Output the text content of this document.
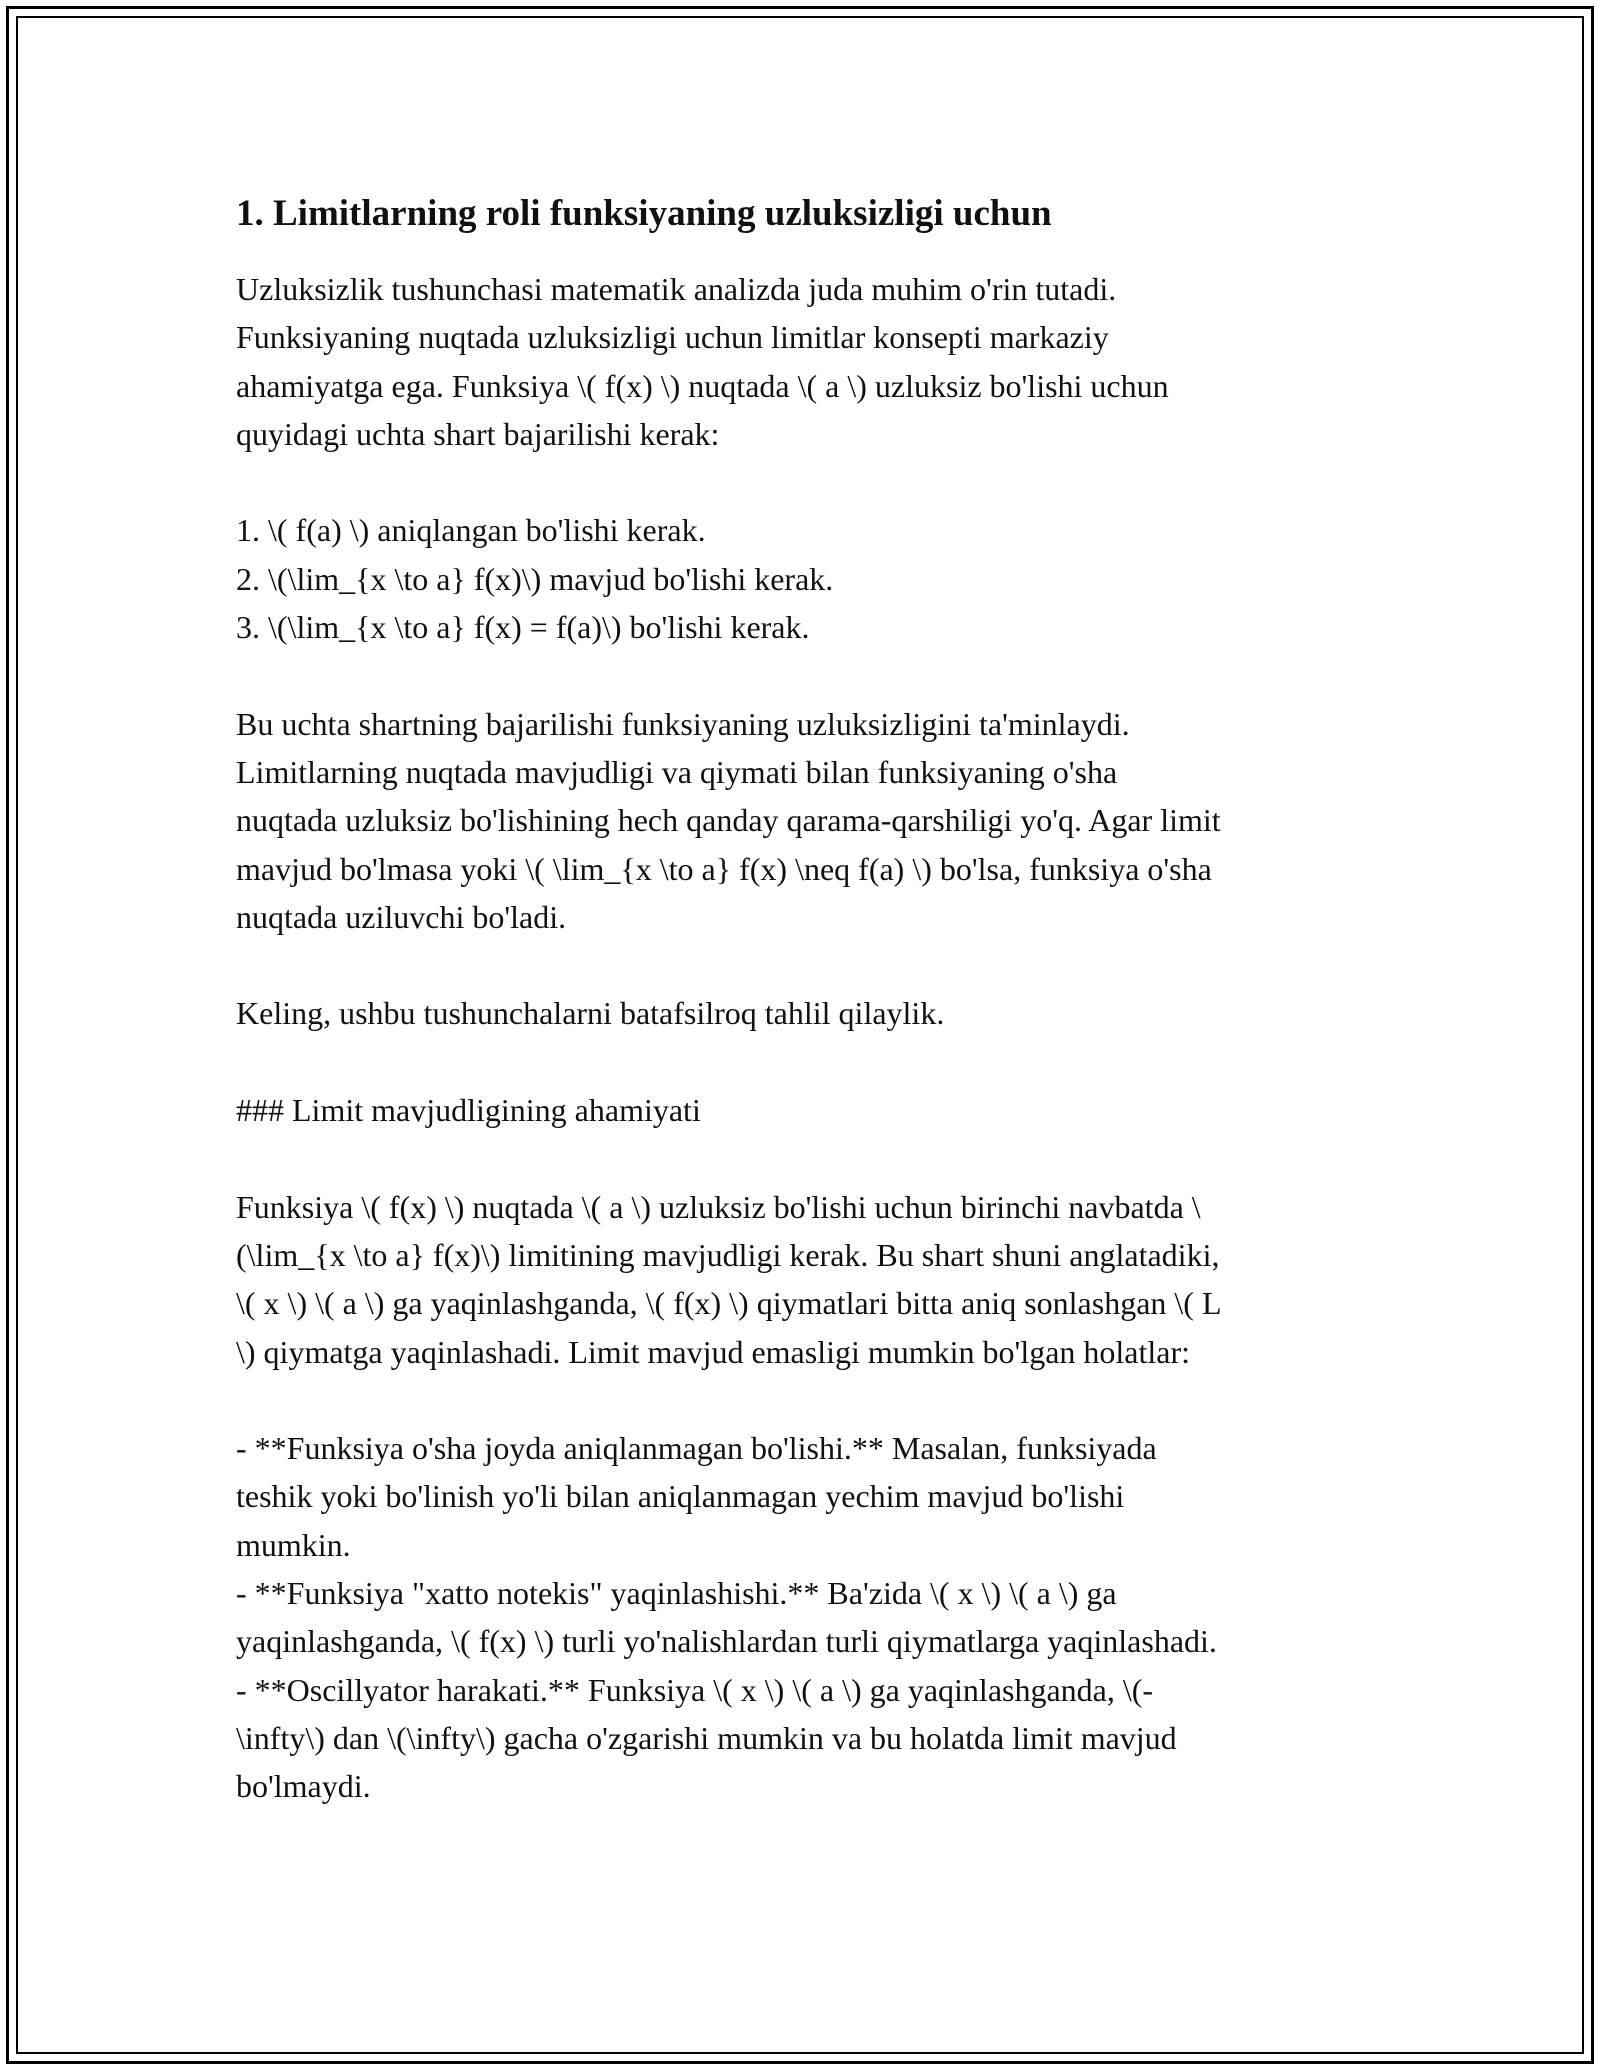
1. Limitlarning roli funksiyaning uzluksizligi uchun

Uzluksizlik tushunchasi matematik analizda juda muhim o'rin tutadi.
Funksiyaning nuqtada uzluksizligi uchun limitlar konsepti markaziy
ahamiyatga ega. Funksiya \( f(x) \) nuqtada \( a \) uzluksiz bo'lishi uchun
quyidagi uchta shart bajarilishi kerak:

1. \( f(a) \) aniqlangan bo'lishi kerak.
2. \(\lim_{x \to a} f(x)\) mavjud bo'lishi kerak.
3. \(\lim_{x \to a} f(x) = f(a)\) bo'lishi kerak.

Bu uchta shartning bajarilishi funksiyaning uzluksizligini ta'minlaydi.
Limitlarning nuqtada mavjudligi va qiymati bilan funksiyaning o'sha
nuqtada uzluksiz bo'lishining hech qanday qarama-qarshiligi yo'q. Agar limit
mavjud bo'lmasa yoki \( \lim_{x \to a} f(x) \neq f(a) \) bo'lsa, funksiya o'sha
nuqtada uziluvchi bo'ladi.

Keling, ushbu tushunchalarni batafsilroq tahlil qilaylik.

### Limit mavjudligining ahamiyati

Funksiya \( f(x) \) nuqtada \( a \) uzluksiz bo'lishi uchun birinchi navbatda \
(\lim_{x \to a} f(x)\) limitining mavjudligi kerak. Bu shart shuni anglatadiki,
\( x \) \( a \) ga yaqinlashganda, \( f(x) \) qiymatlari bitta aniq sonlashgan \( L
\) qiymatga yaqinlashadi. Limit mavjud emasligi mumkin bo'lgan holatlar:

- **Funksiya o'sha joyda aniqlanmagan bo'lishi.** Masalan, funksiyada
teshik yoki bo'linish yo'li bilan aniqlanmagan yechim mavjud bo'lishi
mumkin.
- **Funksiya "xatto notekis" yaqinlashishi.** Ba'zida \( x \) \( a \) ga
yaqinlashganda, \( f(x) \) turli yo'nalishlardan turli qiymatlarga yaqinlashadi.
- **Oscillyator harakati.** Funksiya \( x \) \( a \) ga yaqinlashganda, \(-
\infty\) dan \(\infty\) gacha o'zgarishi mumkin va bu holatda limit mavjud
bo'lmaydi.
